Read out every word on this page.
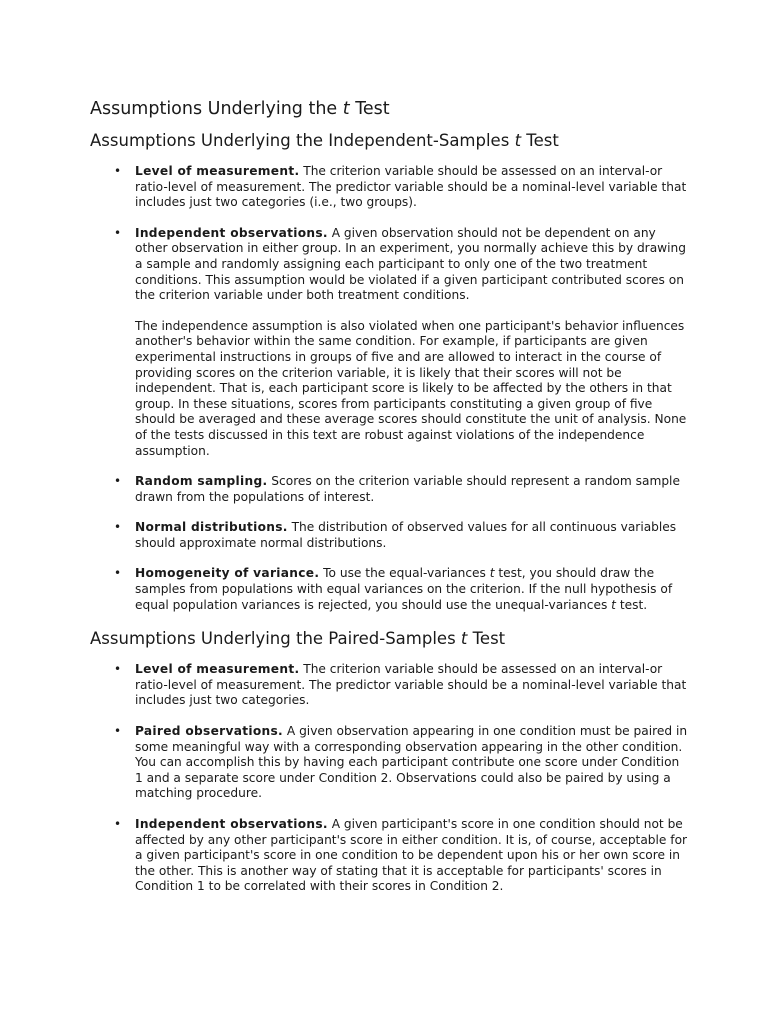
Assumptions Underlying the t Test
Assumptions Underlying the Independent-Samples t Test
• Level of measurement. The criterion variable should be assessed on an interval-or ratio-level of measurement. The predictor variable should be a nominal-level variable that includes just two categories (i.e., two groups).
• Independent observations. A given observation should not be dependent on any other observation in either group. In an experiment, you normally achieve this by drawing a sample and randomly assigning each participant to only one of the two treatment conditions. This assumption would be violated if a given participant contributed scores on the criterion variable under both treatment conditions.
The independence assumption is also violated when one participant's behavior influences another's behavior within the same condition. For example, if participants are given experimental instructions in groups of five and are allowed to interact in the course of providing scores on the criterion variable, it is likely that their scores will not be independent. That is, each participant score is likely to be affected by the others in that group. In these situations, scores from participants constituting a given group of five should be averaged and these average scores should constitute the unit of analysis. None of the tests discussed in this text are robust against violations of the independence assumption.
• Random sampling. Scores on the criterion variable should represent a random sample drawn from the populations of interest.
• Normal distributions. The distribution of observed values for all continuous variables should approximate normal distributions.
• Homogeneity of variance. To use the equal-variances t test, you should draw the samples from populations with equal variances on the criterion. If the null hypothesis of equal population variances is rejected, you should use the unequal-variances t test.
Assumptions Underlying the Paired-Samples t Test
• Level of measurement. The criterion variable should be assessed on an interval-or ratio-level of measurement. The predictor variable should be a nominal-level variable that includes just two categories.
• Paired observations. A given observation appearing in one condition must be paired in some meaningful way with a corresponding observation appearing in the other condition. You can accomplish this by having each participant contribute one score under Condition 1 and a separate score under Condition 2. Observations could also be paired by using a matching procedure.
• Independent observations. A given participant's score in one condition should not be affected by any other participant's score in either condition. It is, of course, acceptable for a given participant's score in one condition to be dependent upon his or her own score in the other. This is another way of stating that it is acceptable for participants' scores in Condition 1 to be correlated with their scores in Condition 2.
